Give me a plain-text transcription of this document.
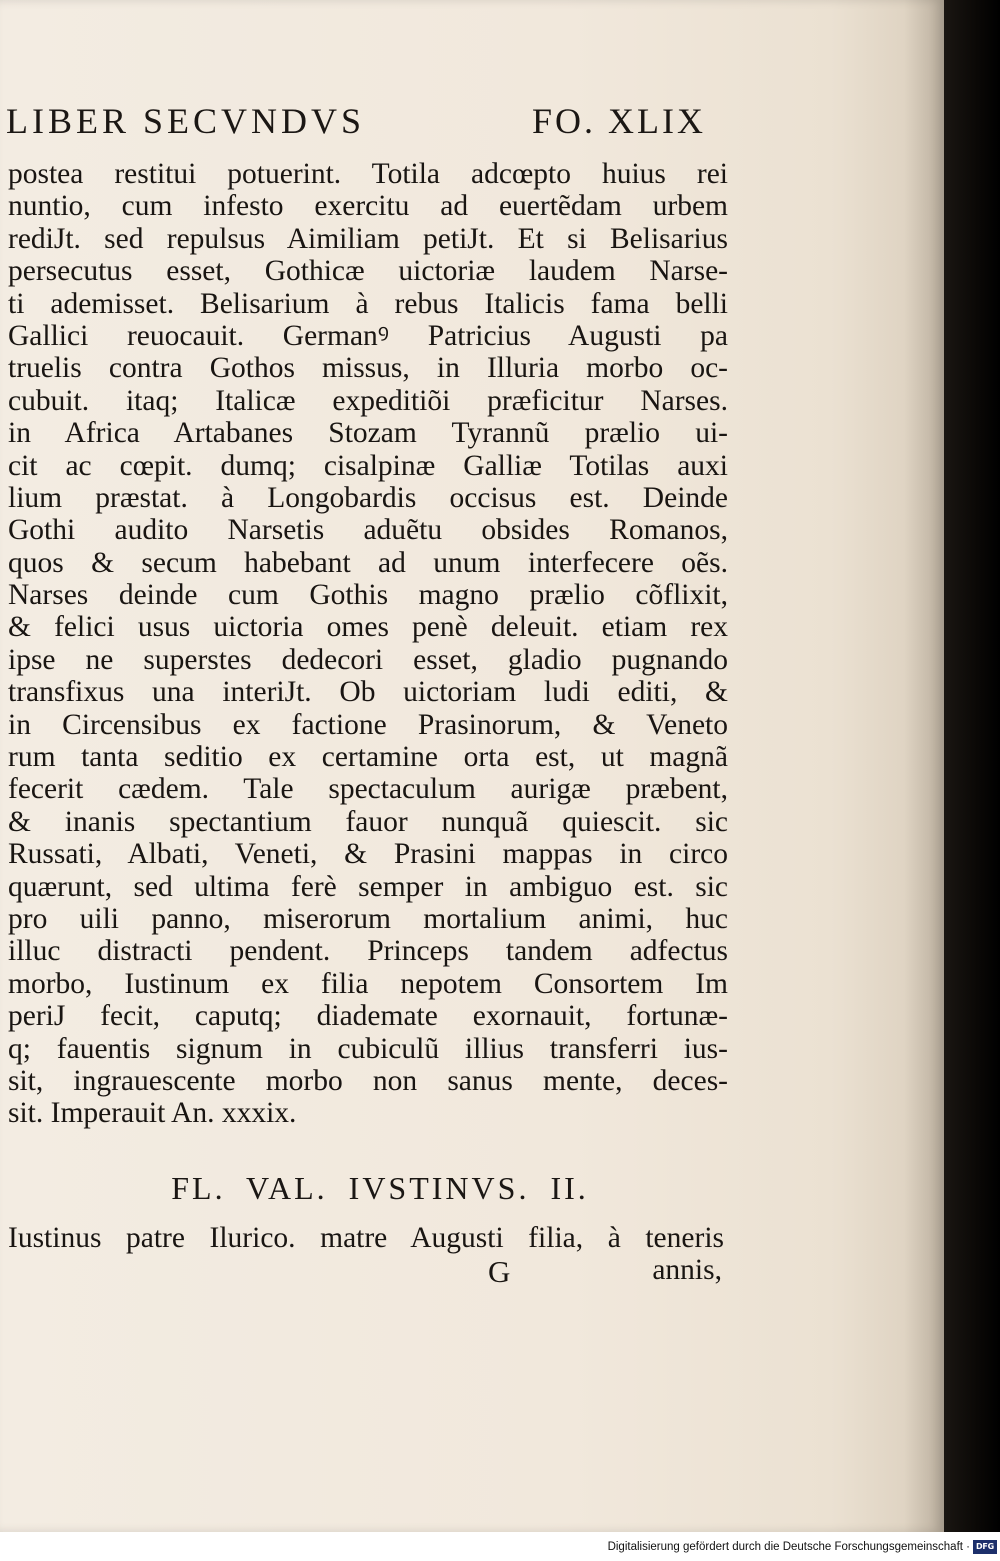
LIBER SECVNDVS	FO. XLIX
postea restitui potuerint. Totila adcœpto huius rei
nuntio, cum infesto exercitu ad euertẽdam urbem
rediJt. sed repulsus Aimiliam petiJt. Et si Belisarius
persecutus esset, Gothicæ uictoriæ laudem Narse-
ti ademisset. Belisarium à rebus Italicis fama belli
Gallici reuocauit. Germanꝰ Patricius Augusti pa
truelis contra Gothos missus, in Illuria morbo oc-
cubuit. itaq; Italicæ expeditiõi præficitur Narses.
in Africa Artabanes Stozam Tyrannũ prælio ui-
cit ac cœpit. dumq; cisalpinæ Galliæ Totilas auxi
lium præstat. à Longobardis occisus est. Deinde
Gothi audito Narsetis aduẽtu obsides Romanos,
quos & secum habebant ad unum interfecere oẽs.
Narses deinde cum Gothis magno prælio cõflixit,
& felici usus uictoria omes penè deleuit. etiam rex
ipse ne superstes dedecori esset, gladio pugnando
transfixus una interiJt. Ob uictoriam ludi editi, &
in Circensibus ex factione Prasinorum, & Veneto
rum tanta seditio ex certamine orta est, ut magnã
fecerit cædem. Tale spectaculum aurigæ præbent,
& inanis spectantium fauor nunquã quiescit. sic
Russati, Albati, Veneti, & Prasini mappas in circo
quærunt, sed ultima ferè semper in ambiguo est. sic
pro uili panno, miserorum mortalium animi, huc
illuc distracti pendent. Princeps tandem adfectus
morbo, Iustinum ex filia nepotem Consortem Im
periJ fecit, caputq; diademate exornauit, fortunæ-
q; fauentis signum in cubiculũ illius transferri ius-
sit, ingrauescente morbo non sanus mente, deces-
sit. Imperauit An. xxxix.
FL. VAL. IVSTINVS. II.
Iustinus patre Ilurico. matre Augusti filia, à teneris
G	annis,
Digitalisierung gefördert durch die Deutsche Forschungsgemeinschaft · DFG
